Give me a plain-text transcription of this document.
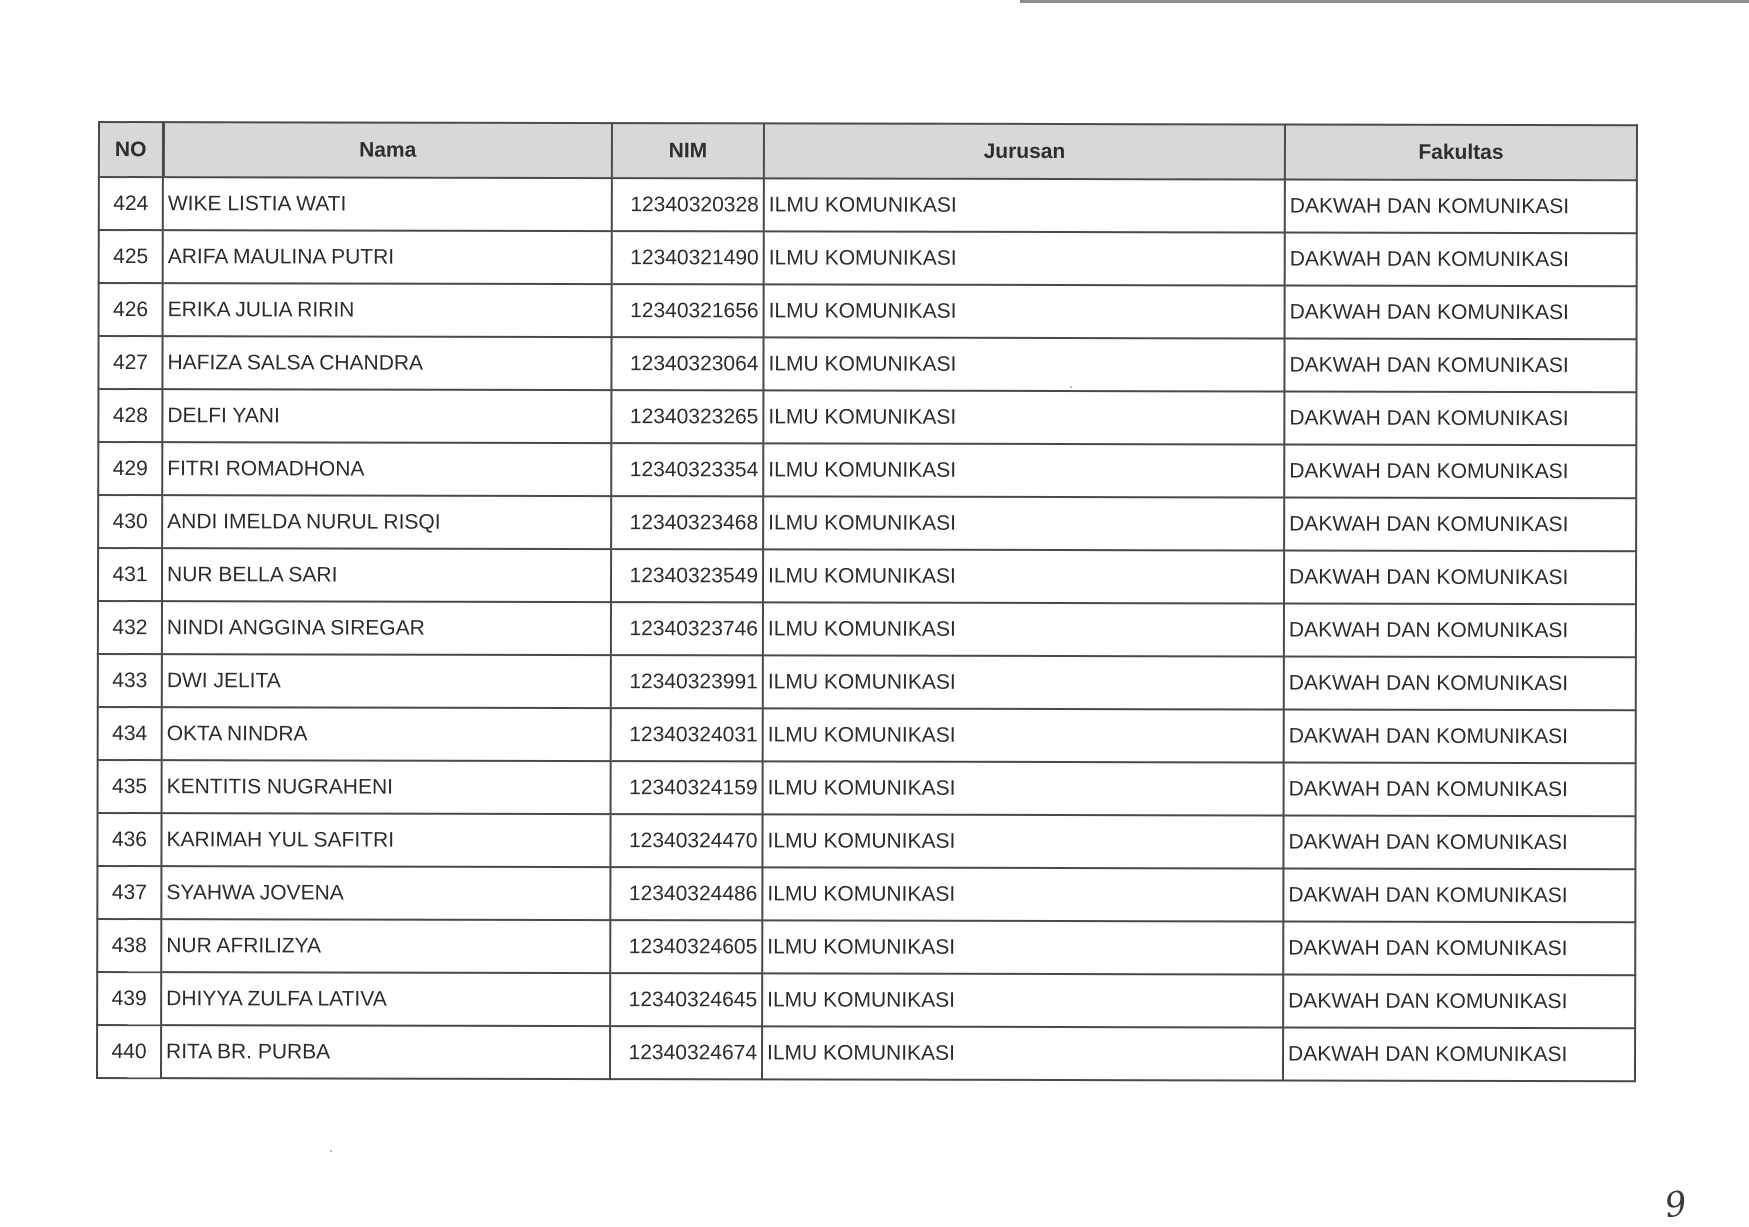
NO	Nama	NIM	Jurusan	Fakultas
424	WIKE LISTIA WATI	12340320328	ILMU KOMUNIKASI	DAKWAH DAN KOMUNIKASI
425	ARIFA MAULINA PUTRI	12340321490	ILMU KOMUNIKASI	DAKWAH DAN KOMUNIKASI
426	ERIKA JULIA RIRIN	12340321656	ILMU KOMUNIKASI	DAKWAH DAN KOMUNIKASI
427	HAFIZA SALSA CHANDRA	12340323064	ILMU KOMUNIKASI	DAKWAH DAN KOMUNIKASI
428	DELFI YANI	12340323265	ILMU KOMUNIKASI	DAKWAH DAN KOMUNIKASI
429	FITRI ROMADHONA	12340323354	ILMU KOMUNIKASI	DAKWAH DAN KOMUNIKASI
430	ANDI IMELDA NURUL RISQI	12340323468	ILMU KOMUNIKASI	DAKWAH DAN KOMUNIKASI
431	NUR BELLA SARI	12340323549	ILMU KOMUNIKASI	DAKWAH DAN KOMUNIKASI
432	NINDI ANGGINA SIREGAR	12340323746	ILMU KOMUNIKASI	DAKWAH DAN KOMUNIKASI
433	DWI JELITA	12340323991	ILMU KOMUNIKASI	DAKWAH DAN KOMUNIKASI
434	OKTA NINDRA	12340324031	ILMU KOMUNIKASI	DAKWAH DAN KOMUNIKASI
435	KENTITIS NUGRAHENI	12340324159	ILMU KOMUNIKASI	DAKWAH DAN KOMUNIKASI
436	KARIMAH YUL SAFITRI	12340324470	ILMU KOMUNIKASI	DAKWAH DAN KOMUNIKASI
437	SYAHWA JOVENA	12340324486	ILMU KOMUNIKASI	DAKWAH DAN KOMUNIKASI
438	NUR AFRILIZYA	12340324605	ILMU KOMUNIKASI	DAKWAH DAN KOMUNIKASI
439	DHIYYA ZULFA LATIVA	12340324645	ILMU KOMUNIKASI	DAKWAH DAN KOMUNIKASI
440	RITA BR. PURBA	12340324674	ILMU KOMUNIKASI	DAKWAH DAN KOMUNIKASI
9
